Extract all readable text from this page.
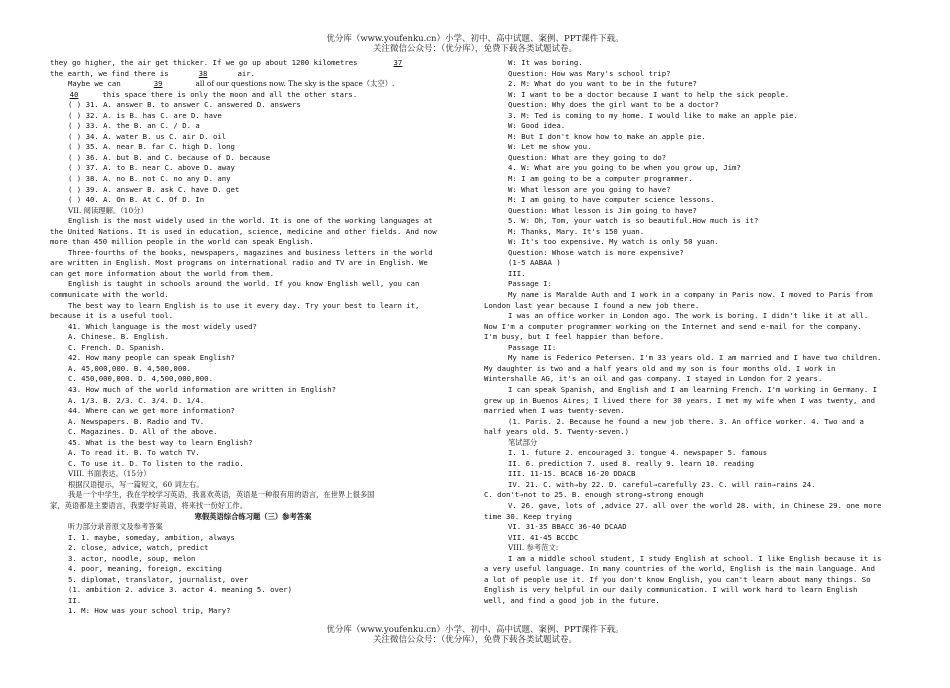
优分库（www.youfenku.cn）小学、初中、高中试题、案例、PPT课件下载。
关注微信公众号：（优分库），免费下载各类试题试卷。
they go higher, the air get thicker. If we go up about 1200 kilometres	37
the earth, we find there is	38	air.
Maybe we can	39	all of our questions now. The sky is the space（太空）.
40	this space there is only the moon and all the other stars.
( ) 31. A. answer B. to answer C. answered D. answers
( ) 32. A. is B. has C. are D. have
( ) 33. A. the B. an C. / D. a
( ) 34. A. water B. us C. air D. oil
( ) 35. A. near B. far C. high D. long
( ) 36. A. but B. and C. because of D. because
( ) 37. A. to B. near C. above D. away
( ) 38. A. no B. not C. no any D. any
( ) 39. A. answer B. ask C. have D. get
( ) 40. A. On B. At C. Of D. In
VII. 阅读理解。（10分）
English is the most widely used in the world. It is one of the working languages at
the United Nations. It is used in education, science, medicine and other fields. And now
more than 450 million people in the world can speak English.
Three-fourths of the books, newspapers, magazines and business letters in the world
are written in English. Most programs on international radio and TV are in English. We
can get more information about the world from them.
English is taught in schools around the world. If you know English well, you can
communicate with the world.
The best way to learn English is to use it every day. Try your best to learn it,
because it is a useful tool.
41. Which language is the most widely used?
A. Chinese. B. English.
C. French. D. Spanish.
42. How many people can speak English?
A. 45,000,000. B. 4,500,000.
C. 450,000,000. D. 4,500,000,000.
43. How much of the world information are written in English?
A. 1/3. B. 2/3. C. 3/4. D. 1/4.
44. Where can we get more information?
A. Newspapers. B. Radio and TV.
C. Magazines. D. All of the above.
45. What is the best way to learn English?
A. To read it. B. To watch TV.
C. To use it. D. To listen to the radio.
VIII. 书面表达。（15分）
根据汉语提示，写一篇短文，60 词左右。
我是一个中学生，我在学校学习英语，我喜欢英语，英语是一种很有用的语言，在世界上很多国
家，英语都是主要语言，我要学好英语，将来找一份好工作。
寒假英语综合练习题（三）参考答案
听力部分录音原文及参考答案
I. 1. maybe, someday, ambition, always
2. close, advice, watch, predict
3. actor, noodle, soup, melon
4. poor, meaning, foreign, exciting
5. diplomat, translator, journalist, over
(1. ambition 2. advice 3. actor 4. meaning 5. over)
II.
1. M: How was your school trip, Mary?
W: It was boring.
Question: How was Mary's school trip?
2. M: What do you want to be in the future?
W: I want to be a doctor because I want to help the sick people.
Question: Why does the girl want to be a doctor?
3. M: Ted is coming to my home. I would like to make an apple pie.
W: Good idea.
M: But I don't know how to make an apple pie.
W: Let me show you.
Question: What are they going to do?
4. W: What are you going to be when you grow up, Jim?
M: I am going to be a computer programmer.
W: What lesson are you going to have?
M: I am going to have computer science lessons.
Question: What lesson is Jim going to have?
5. W: Oh, Tom, your watch is so beautiful.How much is it?
M: Thanks, Mary. It's 150 yuan.
W: It's too expensive. My watch is only 50 yuan.
Question: Whose watch is more expensive?
(1-5 AABAA )
III.
Passage I:
My name is Maralde Auth and I work in a company in Paris now. I moved to Paris from
London last year because I found a new job there.
I was an office worker in London ago. The work is boring. I didn't like it at all.
Now I'm a computer programmer working on the Internet and send e-mail for the company.
I'm busy, but I feel happier than before.
Passage II:
My name is Federico Petersen. I'm 33 years old. I am married and I have two children.
My daughter is two and a half years old and my son is four months old. I work in
Wintershalle AG, it's an oil and gas company. I stayed in London for 2 years.
I can speak Spanish, and English and I am learning French. I'm working in Germany. I
grew up in Buenos Aires; I lived there for 30 years. I met my wife when I was twenty, and
married when I was twenty-seven.
(1. Paris. 2. Because he found a new job there. 3. An office worker. 4. Two and a
half years old. 5. Twenty-seven.)
笔试部分
I. 1. future 2. encouraged 3. tongue 4. newspaper 5. famous
II. 6. prediction 7. used 8. really 9. learn 10. reading
III. 11-15. BCACB 16-20 DDACB
IV. 21. C. with→by 22. D. careful→carefully 23. C. will rain→rains 24.
C. don't→not to 25. B. enough strong→strong enough
V. 26. gave, lots of ,advice 27. all over the world 28. with, in Chinese 29. one more
time 30. Keep trying
VI. 31-35 BBACC 36-40 DCAAD
VII. 41-45 BCCDC
VIII. 参考范文:
I am a middle school student, I study English at school. I like English because it is
a very useful language. In many countries of the world, English is the main language. And
a lot of people use it. If you don't know English, you can't learn about many things. So
English is very helpful in our daily communication. I will work hard to learn English
well, and find a good job in the future.
优分库（www.youfenku.cn）小学、初中、高中试题、案例、PPT课件下载。
关注微信公众号：（优分库），免费下载各类试题试卷。
